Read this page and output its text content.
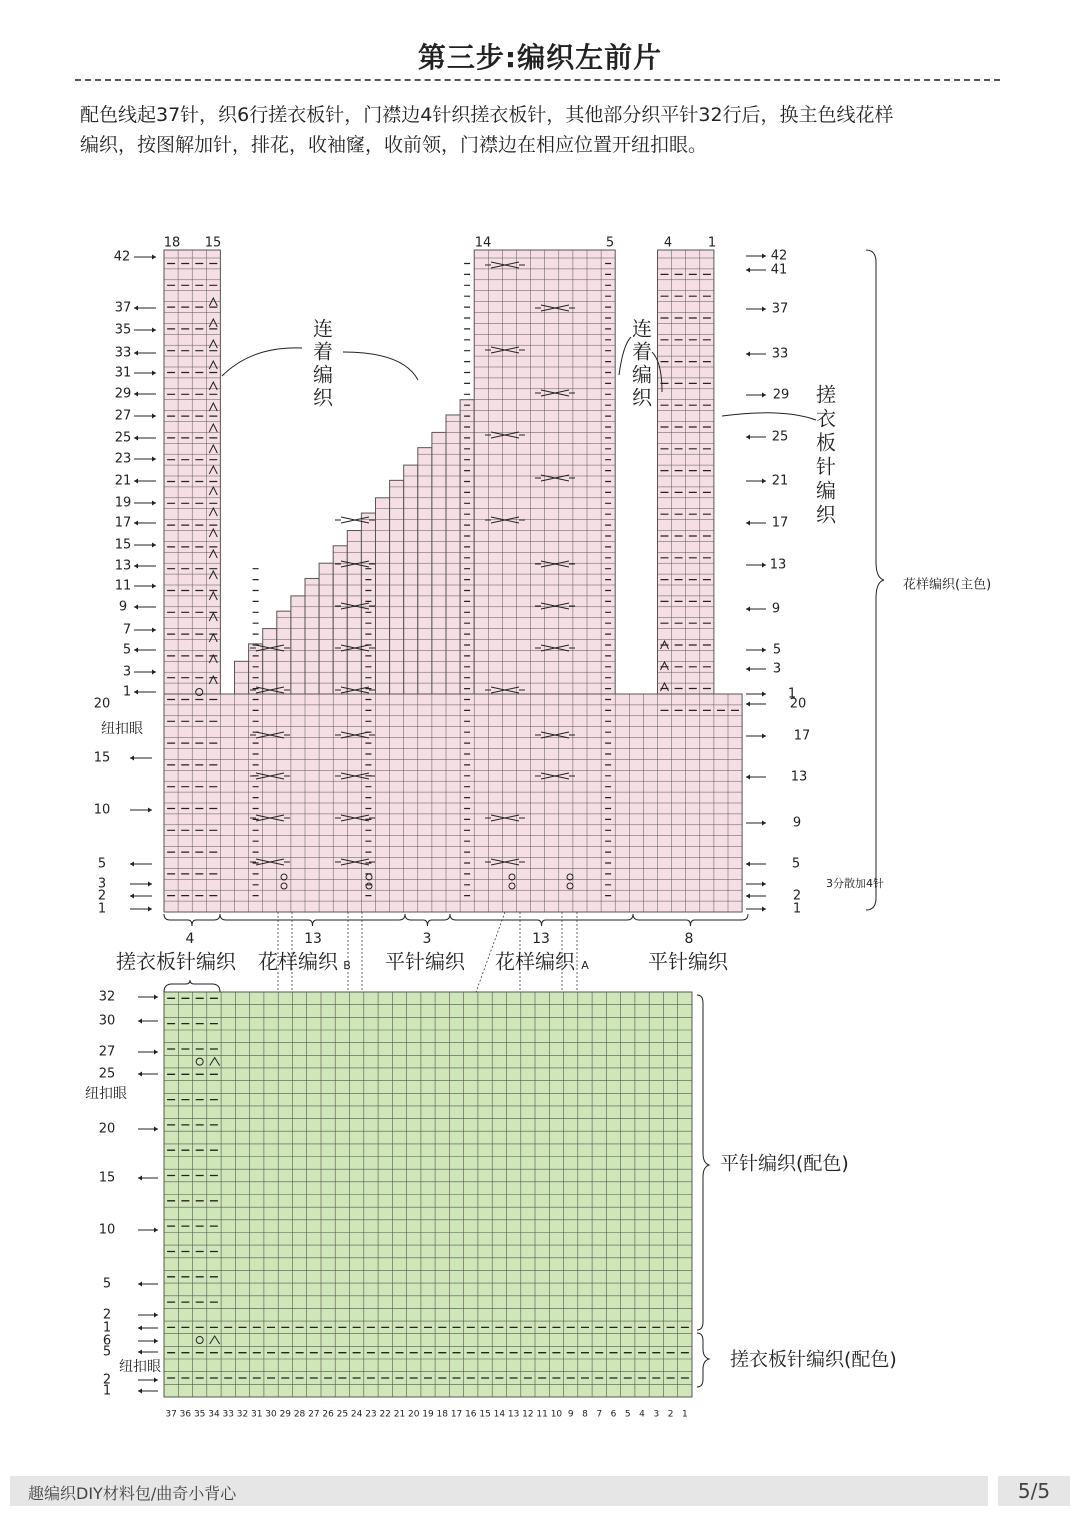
第三步:编织左前片
配色线起37针，织6行搓衣板针，门襟边4针织搓衣板针，其他部分织平针32行后，换主色线花样
编织，按图解加针，排花，收袖窿，收前领，门襟边在相应位置开纽扣眼。
32
30
27
25
20
15
10
5
2
1
6
5
2
1
纽扣眼
纽扣眼
37 36 35 34 33 32 31 30 29 28 27 26 25 24 23 22 21 20 19 18 17 16 15 14 13 12 11 10 9 8 7 6 5 4 3 2 1
平针编织(配色)
搓衣板针编织(配色)
18 15	14	5	4	1
42
37
35
33
31
29
27
25
23
21
19
17
15
13
11
9
7
5
3
1
20
15
10
5
3
2
1
纽扣眼
42
41
37
33
29
25
21
17
13
9
5
3
1
20
17
13
9
5
3分散加4针
2
1
连
着
编
织
连
着
编
织	搓
衣
板
针
编
织
花样编织(主色)
4	13	3	13	8
搓衣板针编织 花样编织 平针编织 花样编织	平针编织
B	A
趣编织DIY材料包/曲奇小背心	5/5
